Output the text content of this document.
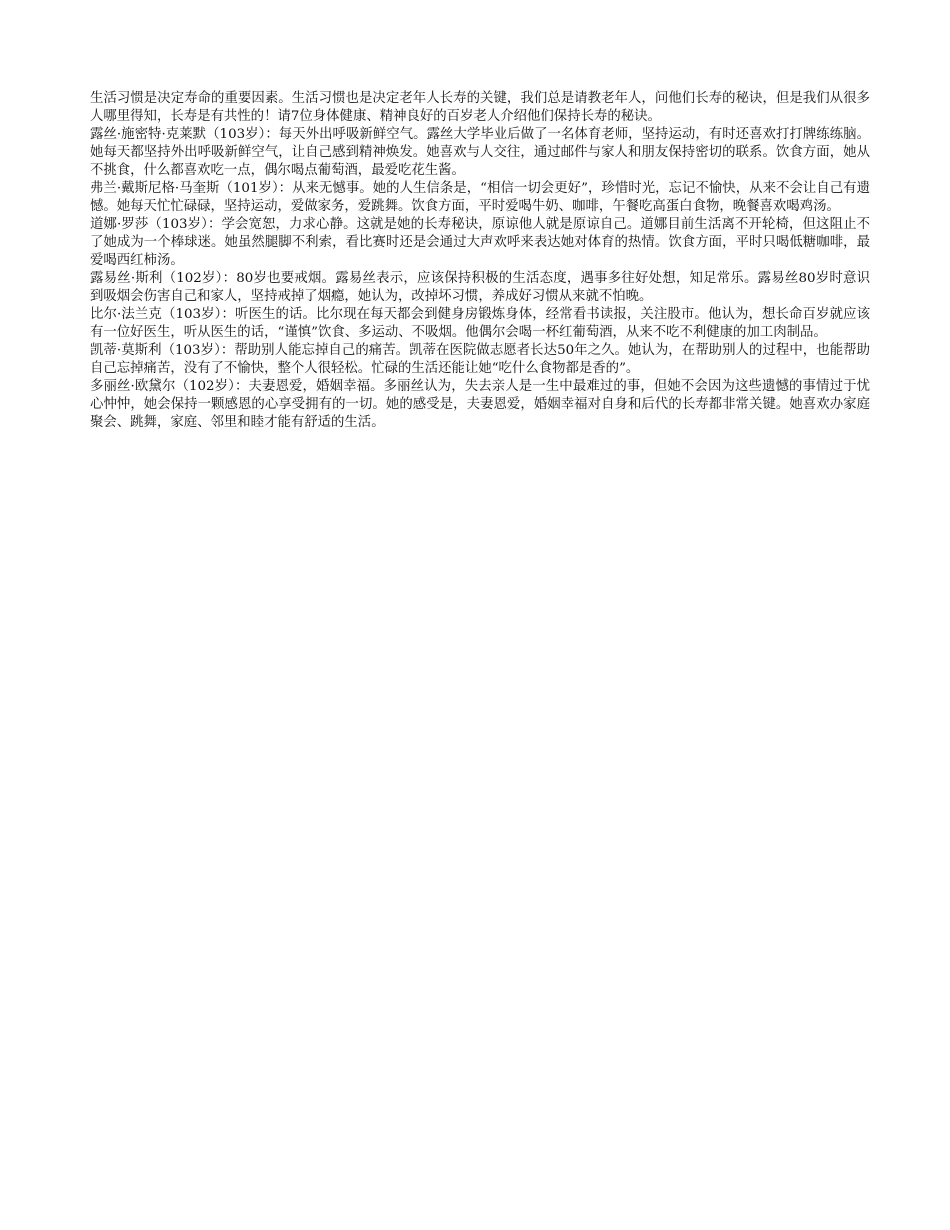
生活习惯是决定寿命的重要因素。生活习惯也是决定老年人长寿的关键，我们总是请教老年人，问他们长寿的秘诀，但是我们从很多人哪里得知，长寿是有共性的！请7位身体健康、精神良好的百岁老人介绍他们保持长寿的秘诀。

露丝·施密特·克莱默（103岁）：每天外出呼吸新鲜空气。露丝大学毕业后做了一名体育老师，坚持运动，有时还喜欢打打牌练练脑。她每天都坚持外出呼吸新鲜空气，让自己感到精神焕发。她喜欢与人交往，通过邮件与家人和朋友保持密切的联系。饮食方面，她从不挑食，什么都喜欢吃一点，偶尔喝点葡萄酒，最爱吃花生酱。

弗兰·戴斯尼格·马奎斯（101岁）：从来无憾事。她的人生信条是，“相信一切会更好”，珍惜时光，忘记不愉快，从来不会让自己有遗憾。她每天忙忙碌碌，坚持运动，爱做家务，爱跳舞。饮食方面，平时爱喝牛奶、咖啡，午餐吃高蛋白食物，晚餐喜欢喝鸡汤。

道娜·罗莎（103岁）：学会宽恕，力求心静。这就是她的长寿秘诀，原谅他人就是原谅自己。道娜目前生活离不开轮椅，但这阻止不了她成为一个棒球迷。她虽然腿脚不利索，看比赛时还是会通过大声欢呼来表达她对体育的热情。饮食方面，平时只喝低糖咖啡，最爱喝西红柿汤。

露易丝·斯利（102岁）：80岁也要戒烟。露易丝表示，应该保持积极的生活态度，遇事多往好处想，知足常乐。露易丝80岁时意识到吸烟会伤害自己和家人，坚持戒掉了烟瘾，她认为，改掉坏习惯，养成好习惯从来就不怕晚。

比尔·法兰克（103岁）：听医生的话。比尔现在每天都会到健身房锻炼身体，经常看书读报，关注股市。他认为，想长命百岁就应该有一位好医生，听从医生的话，“谨慎”饮食、多运动、不吸烟。他偶尔会喝一杯红葡萄酒，从来不吃不利健康的加工肉制品。

凯蒂·莫斯利（103岁）：帮助别人能忘掉自己的痛苦。凯蒂在医院做志愿者长达50年之久。她认为，在帮助别人的过程中，也能帮助自己忘掉痛苦，没有了不愉快，整个人很轻松。忙碌的生活还能让她“吃什么食物都是香的”。

多丽丝·欧黛尔（102岁）：夫妻恩爱，婚姻幸福。多丽丝认为，失去亲人是一生中最难过的事，但她不会因为这些遗憾的事情过于忧心忡忡，她会保持一颗感恩的心享受拥有的一切。她的感受是，夫妻恩爱，婚姻幸福对自身和后代的长寿都非常关键。她喜欢办家庭聚会、跳舞，家庭、邻里和睦才能有舒适的生活。
